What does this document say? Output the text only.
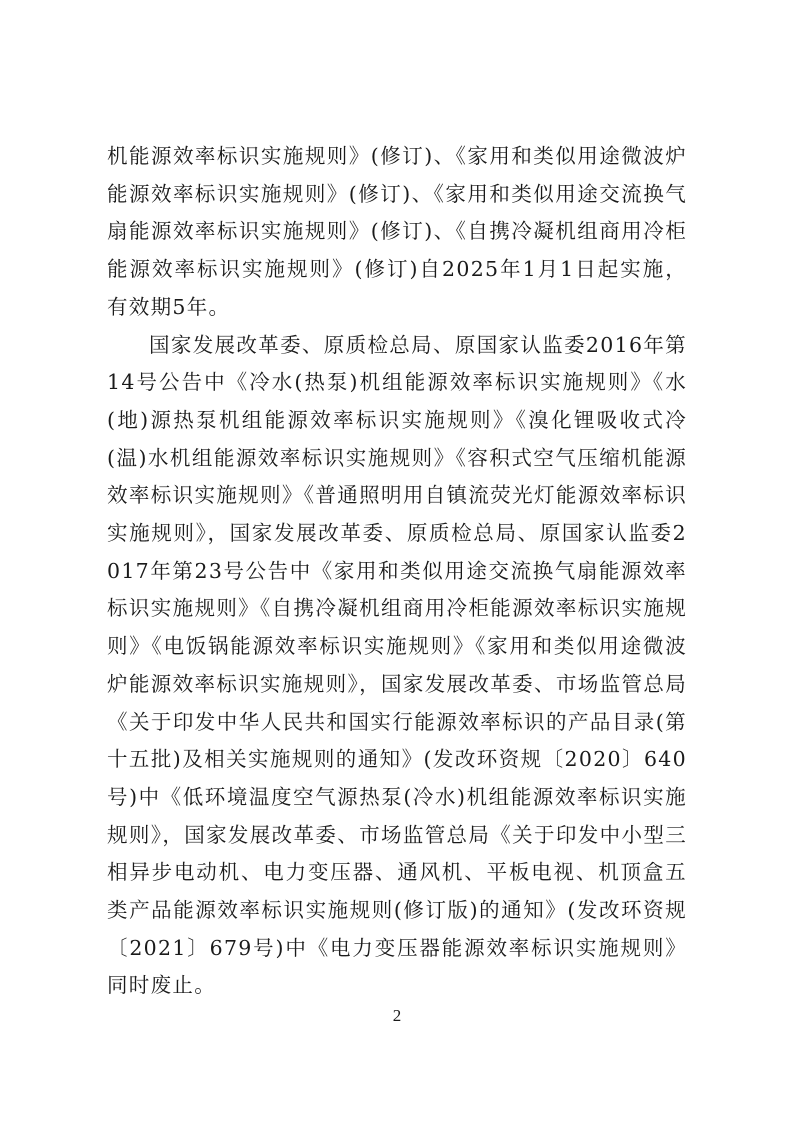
机能源效率标识实施规则》(修订)、《家用和类似用途微波炉能源效率标识实施规则》(修订)、《家用和类似用途交流换气扇能源效率标识实施规则》(修订)、《自携冷凝机组商用冷柜能源效率标识实施规则》(修订)自2025年1月1日起实施，有效期5年。

国家发展改革委、原质检总局、原国家认监委2016年第14号公告中《冷水(热泵)机组能源效率标识实施规则》《水(地)源热泵机组能源效率标识实施规则》《溴化锂吸收式冷(温)水机组能源效率标识实施规则》《容积式空气压缩机能源效率标识实施规则》《普通照明用自镇流荧光灯能源效率标识实施规则》，国家发展改革委、原质检总局、原国家认监委2017年第23号公告中《家用和类似用途交流换气扇能源效率标识实施规则》《自携冷凝机组商用冷柜能源效率标识实施规则》《电饭锅能源效率标识实施规则》《家用和类似用途微波炉能源效率标识实施规则》，国家发展改革委、市场监管总局《关于印发中华人民共和国实行能源效率标识的产品目录(第十五批)及相关实施规则的通知》(发改环资规〔2020〕640号)中《低环境温度空气源热泵(冷水)机组能源效率标识实施规则》，国家发展改革委、市场监管总局《关于印发中小型三相异步电动机、电力变压器、通风机、平板电视、机顶盒五类产品能源效率标识实施规则(修订版)的通知》(发改环资规〔2021〕679号)中《电力变压器能源效率标识实施规则》同时废止。

2
